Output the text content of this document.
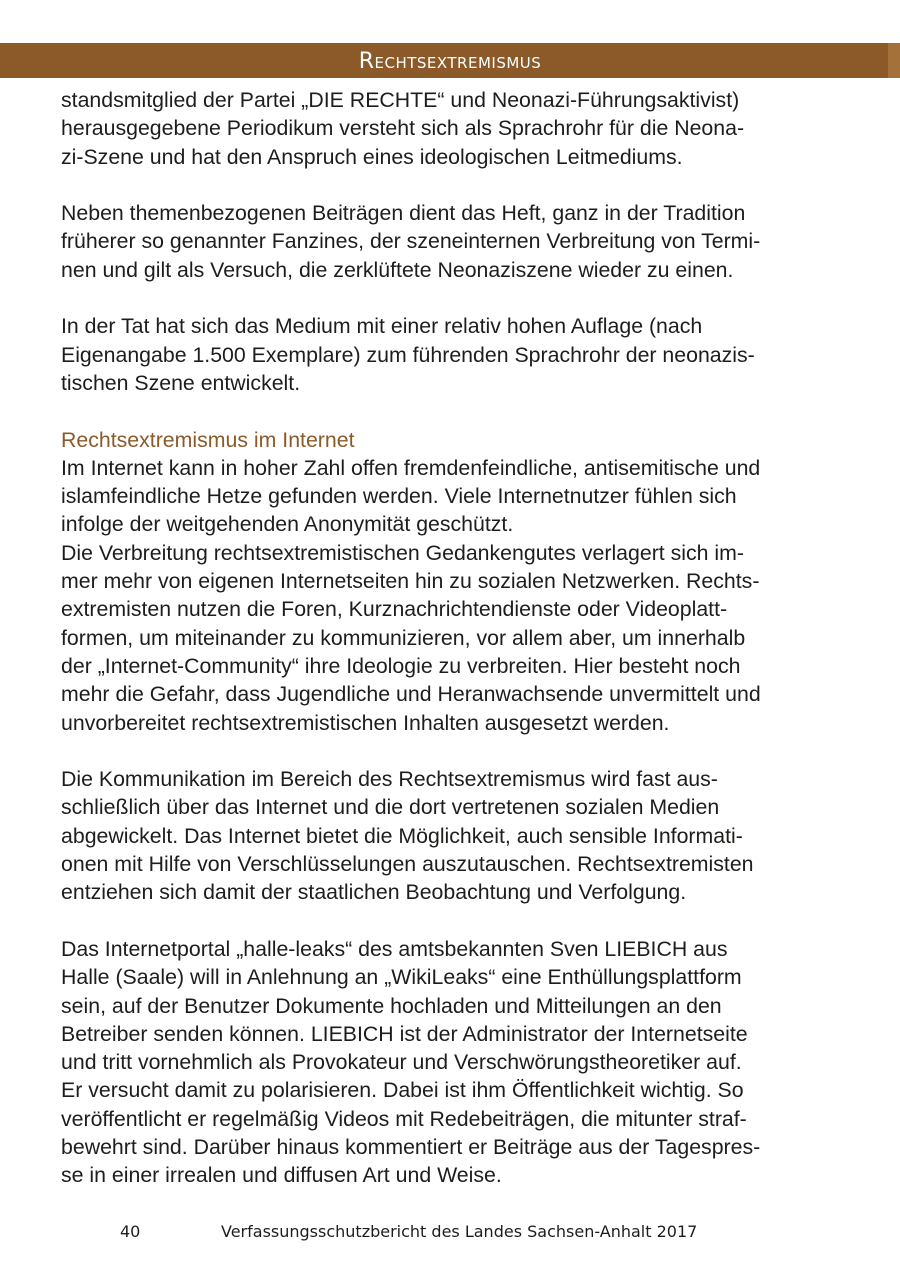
Rechtsextremismus
standsmitglied der Partei „DIE RECHTE“ und Neonazi-Führungsaktivist)
herausgegebene Periodikum versteht sich als Sprachrohr für die Neona-
zi-Szene und hat den Anspruch eines ideologischen Leitmediums.
Neben themenbezogenen Beiträgen dient das Heft, ganz in der Tradition
früherer so genannter Fanzines, der szeneinternen Verbreitung von Termi-
nen und gilt als Versuch, die zerklüftete Neonaziszene wieder zu einen.
In der Tat hat sich das Medium mit einer relativ hohen Auflage (nach
Eigenangabe 1.500 Exemplare) zum führenden Sprachrohr der neonazis-
tischen Szene entwickelt.
Rechtsextremismus im Internet
Im Internet kann in hoher Zahl offen fremdenfeindliche, antisemitische und
islamfeindliche Hetze gefunden werden. Viele Internetnutzer fühlen sich
infolge der weitgehenden Anonymität geschützt.
Die Verbreitung rechtsextremistischen Gedankengutes verlagert sich im-
mer mehr von eigenen Internetseiten hin zu sozialen Netzwerken. Rechts-
extremisten nutzen die Foren, Kurznachrichtendienste oder Videoplatt-
formen, um miteinander zu kommunizieren, vor allem aber, um innerhalb
der „Internet-Community“ ihre Ideologie zu verbreiten. Hier besteht noch
mehr die Gefahr, dass Jugendliche und Heranwachsende unvermittelt und
unvorbereitet rechtsextremistischen Inhalten ausgesetzt werden.
Die Kommunikation im Bereich des Rechtsextremismus wird fast aus-
schließlich über das Internet und die dort vertretenen sozialen Medien
abgewickelt. Das Internet bietet die Möglichkeit, auch sensible Informati-
onen mit Hilfe von Verschlüsselungen auszutauschen. Rechtsextremisten
entziehen sich damit der staatlichen Beobachtung und Verfolgung.
Das Internetportal „halle-leaks“ des amtsbekannten Sven LIEBICH aus
Halle (Saale) will in Anlehnung an „WikiLeaks“ eine Enthüllungsplattform
sein, auf der Benutzer Dokumente hochladen und Mitteilungen an den
Betreiber senden können. LIEBICH ist der Administrator der Internetseite
und tritt vornehmlich als Provokateur und Verschwörungstheoretiker auf.
Er versucht damit zu polarisieren. Dabei ist ihm Öffentlichkeit wichtig. So
veröffentlicht er regelmäßig Videos mit Redebeiträgen, die mitunter straf-
bewehrt sind. Darüber hinaus kommentiert er Beiträge aus der Tagespres-
se in einer irrealen und diffusen Art und Weise.
40	Verfassungsschutzbericht des Landes Sachsen-Anhalt 2017
